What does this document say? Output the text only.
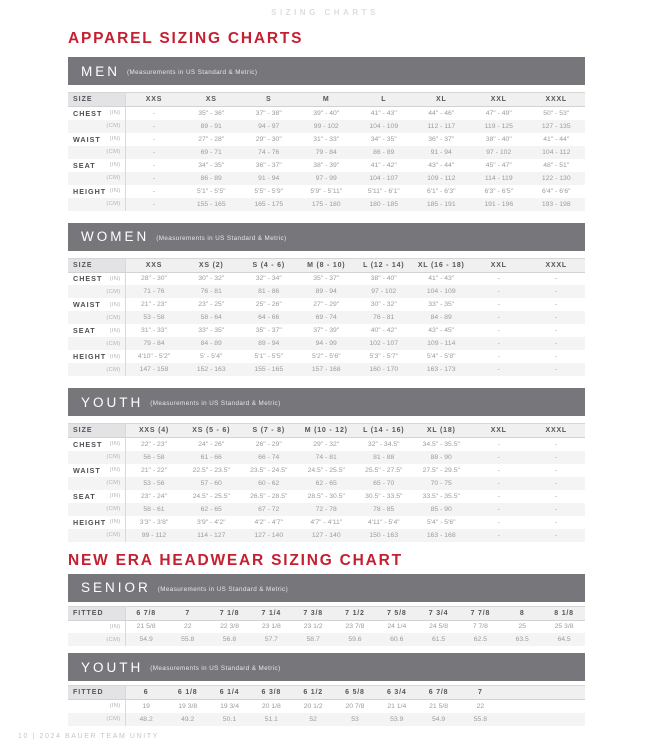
SIZING CHARTS
APPAREL SIZING CHARTS
MEN (Measurements in US Standard & Metric)
SIZE	XXS	XS	S	M	L	XL	XXL	XXXL

CHEST (IN)	-	35" - 36"	37" - 38"	39" - 40"	41" - 43"	44" - 46"	47" - 49"	50" - 53"

(CM)	-	89 - 91	94 - 97	99 - 102	104 - 109	112 - 117	119 - 125	127 - 135

WAIST (IN)	-	27" - 28"	29" - 30"	31" - 33"	34" - 35"	36" - 37"	38" - 40"	41" - 44"

(CM)	-	69 - 71	74 - 76	79 - 84	86 - 89	91 - 94	97 - 102	104 - 112

SEAT (IN)	-	34" - 35"	36" - 37"	38" - 39"	41" - 42"	43" - 44"	45" - 47"	48" - 51"

(CM)	-	86 - 89	91 - 94	97 - 99	104 - 107	109 - 112	114 - 119	122 - 130

HEIGHT (IN)	-	5'1" - 5'5"	5'5" - 5'9"	5'9" - 5'11"	5'11" - 6'1"	6'1" - 6'3"	6'3" - 6'5"	6'4" - 6'6"

(CM)	-	155 - 165	165 - 175	175 - 180	180 - 185	185 - 191	191 - 196	193 - 198
WOMEN (Measurements in US Standard & Metric)
SIZE	XXS	XS (2)	S (4 - 6)	M (8 - 10)	L (12 - 14)	XL (16 - 18)	XXL	XXXL

CHEST (IN)	28" - 30"	30" - 32"	32" - 34"	35" - 37"	38" - 40"	41" - 43"	-	-

(CM)	71 - 76	76 - 81	81 - 86	89 - 94	97 - 102	104 - 109	-	-

WAIST (IN)	21" - 23"	23" - 25"	25" - 26"	27" - 29"	30" - 32"	33" - 35"	-	-

(CM)	53 - 58	58 - 64	64 - 66	69 - 74	76 - 81	84 - 89	-	-

SEAT (IN)	31" - 33"	33" - 35"	35" - 37"	37" - 39"	40" - 42"	43" - 45"	-	-

(CM)	79 - 84	84 - 89	89 - 94	94 - 99	102 - 107	109 - 114	-	-

HEIGHT (IN)	4'10" - 5'2"	5' - 5'4"	5'1" - 5'5"	5'2" - 5'6"	5'3" - 5'7"	5'4" - 5'8"	-	-

(CM)	147 - 158	152 - 163	155 - 165	157 - 168	160 - 170	163 - 173	-	-
YOUTH (Measurements in US Standard & Metric)
SIZE	XXS (4)	XS (5 - 6)	S (7 - 8)	M (10 - 12)	L (14 - 16)	XL (18)	XXL	XXXL

CHEST (IN)	22" - 23"	24" - 26"	26" - 29"	29" - 32"	32" - 34.5"	34.5" - 35.5"	-	-

(CM)	56 - 58	61 - 66	66 - 74	74 - 81	81 - 88	88 - 90	-	-

WAIST (IN)	21" - 22"	22.5" - 23.5"	23.5" - 24.5"	24.5" - 25.5"	25.5" - 27.5"	27.5" - 29.5"	-	-

(CM)	53 - 56	57 - 60	60 - 62	62 - 65	65 - 70	70 - 75	-	-

SEAT (IN)	23" - 24"	24.5" - 25.5"	26.5" - 28.5"	28.5" - 30.5"	30.5" - 33.5"	33.5" - 35.5"	-	-

(CM)	58 - 61	62 - 65	67 - 72	72 - 78	78 - 85	85 - 90	-	-

HEIGHT (IN)	3'3" - 3'8"	3'9" - 4'2"	4'2" - 4'7"	4'7" - 4'11"	4'11" - 5'4"	5'4" - 5'6"	-	-

(CM)	99 - 112	114 - 127	127 - 140	127 - 140	150 - 163	163 - 168	-	-
NEW ERA HEADWEAR SIZING CHART
SENIOR (Measurements in US Standard & Metric)
FITTED	6 7/8	7	7 1/8	7 1/4	7 3/8	7 1/2	7 5/8	7 3/4	7 7/8	8	8 1/8

(IN)	21 5/8	22	22 3/8	23 1/8	23 1/2	23 7/8	24 1/4	24 5/8	7 7/8	25	25 3/8

(CM)	54.9	55.8	56.8	57.7	58.7	59.6	60.6	61.5	62.5	63.5	64.5
YOUTH (Measurements in US Standard & Metric)
FITTED	6	6 1/8	6 1/4	6 3/8	6 1/2	6 5/8	6 3/4	6 7/8	7		

(IN)	19	19 3/8	19 3/4	20 1/8	20 1/2	20 7/8	21 1/4	21 5/8	22		

(CM)	48.2	49.2	50.1	51.1	52	53	53.9	54.9	55.8		
10 | 2024 BAUER TEAM UNITY
